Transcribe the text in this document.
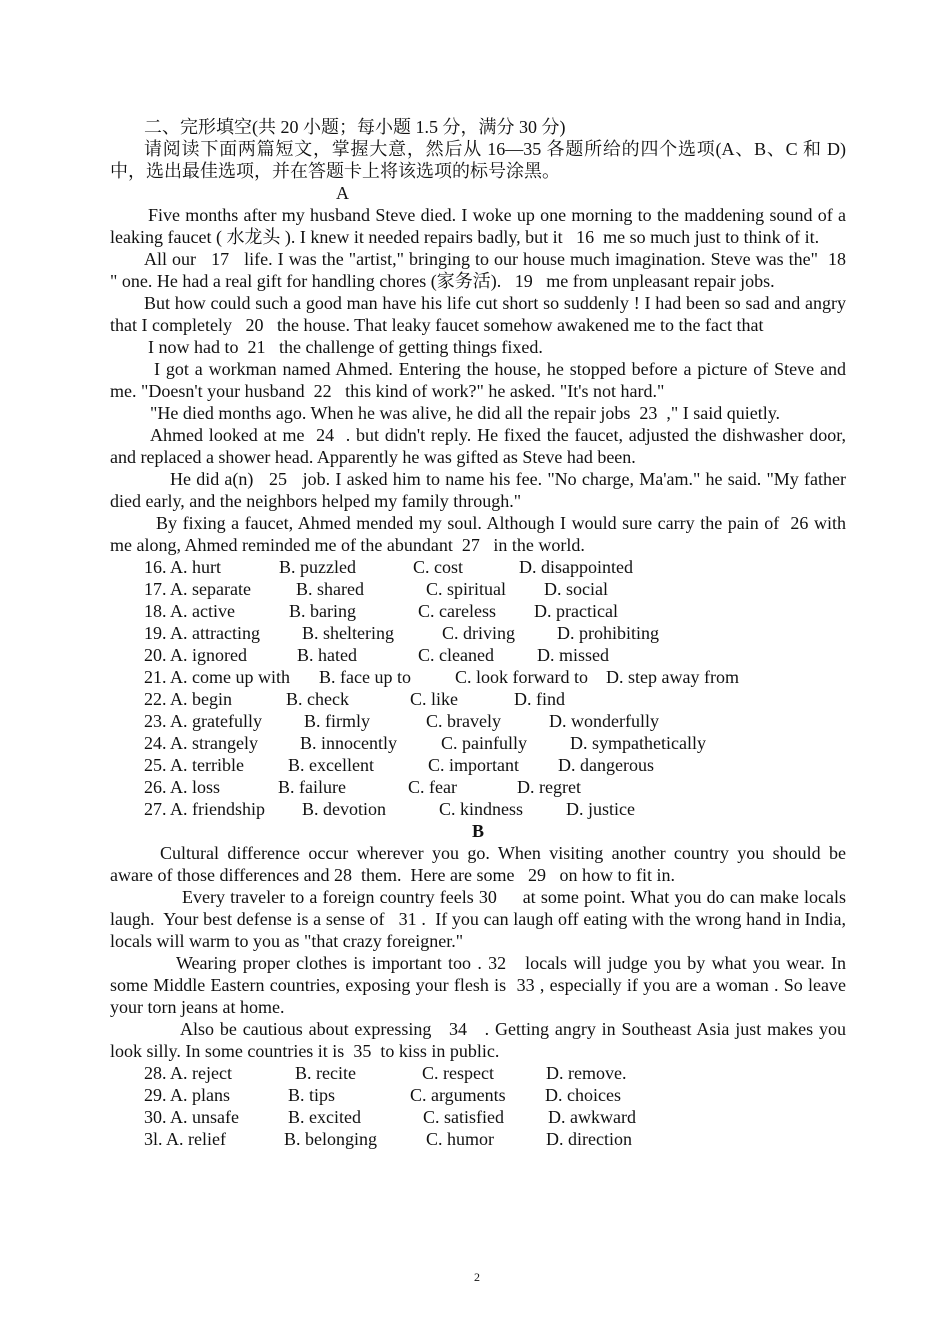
二、完形填空(共 20 小题；每小题 1.5 分，满分 30 分)

请阅读下面两篇短文，掌握大意，然后从 16—35 各题所给的四个选项(A、B、C 和 D)中，选出最佳选项，并在答题卡上将该选项的标号涂黑。

A

Five months after my husband Steve died. I woke up one morning to the maddening sound of a leaking faucet ( 水龙头 ). I knew it needed repairs badly, but it   16  me so much just to think of it.

All our   17   life. I was the "artist," bringing to our house much imagination. Steve was the"  18  " one. He had a real gift for handling chores (家务活).   19   me from unpleasant repair jobs.

But how could such a good man have his life cut short so suddenly ! I had been so sad and angry that I completely   20   the house. That leaky faucet somehow awakened me to the fact that

I now had to  21   the challenge of getting things fixed.

I got a workman named Ahmed. Entering the house, he stopped before a picture of Steve and me. "Doesn't your husband  22   this kind of work?" he asked. "It's not hard."

"He died months ago. When he was alive, he did all the repair jobs  23  ," I said quietly.

Ahmed looked at me  24  . but didn't reply. He fixed the faucet, adjusted the dishwasher door, and replaced a shower head. Apparently he was gifted as Steve had been.

He did a(n)   25   job. I asked him to name his fee. "No charge, Ma'am." he said. "My father died early, and the neighbors helped my family through."

By fixing a faucet, Ahmed mended my soul. Although I would sure carry the pain of  26 with me along, Ahmed reminded me of the abundant  27   in the world.

16. A. hurt	B. puzzled	C. cost	D. disappointed
17. A. separate	B. shared	C. spiritual D. social
18. A. active	B. baring	C. careless D. practical
19. A. attracting B. sheltering	C. driving D. prohibiting
20. A. ignored	B. hated	C. cleaned D. missed
21. A. come up with B. face up to C. look forward to D. step away from
22. A. begin	B. check	C. like	D. find
23. A. gratefully B. firmly	C. bravely	D. wonderfully
24. A. strangely B. innocently C. painfully D. sympathetically
25. A. terrible B. excellent	C. important D. dangerous
26. A. loss	B. failure	C. fear	D. regret
27. A. friendship B. devotion	C. kindness D. justice

B

Cultural difference occur wherever you go. When visiting another country you should be aware of those differences and 28  them.  Here are some   29   on how to fit in.

Every traveler to a foreign country feels 30     at some point. What you do can make locals laugh.  Your best defense is a sense of   31 .  If you can laugh off eating with the wrong hand in India, locals will warm to you as "that crazy foreigner."

Wearing proper clothes is important too . 32   locals will judge you by what you wear. In some Middle Eastern countries, exposing your flesh is  33 , especially if you are a woman . So leave your torn jeans at home.

Also be cautious about expressing   34   . Getting angry in Southeast Asia just makes you look silly. In some countries it is  35  to kiss in public.

28. A. reject	B. recite	C. respect	D. remove.
29. A. plans	B. tips	C. arguments D. choices
30. A. unsafe	B. excited	C. satisfied D. awkward
3l. A. relief	B. belonging	C. humor	D. direction
2
